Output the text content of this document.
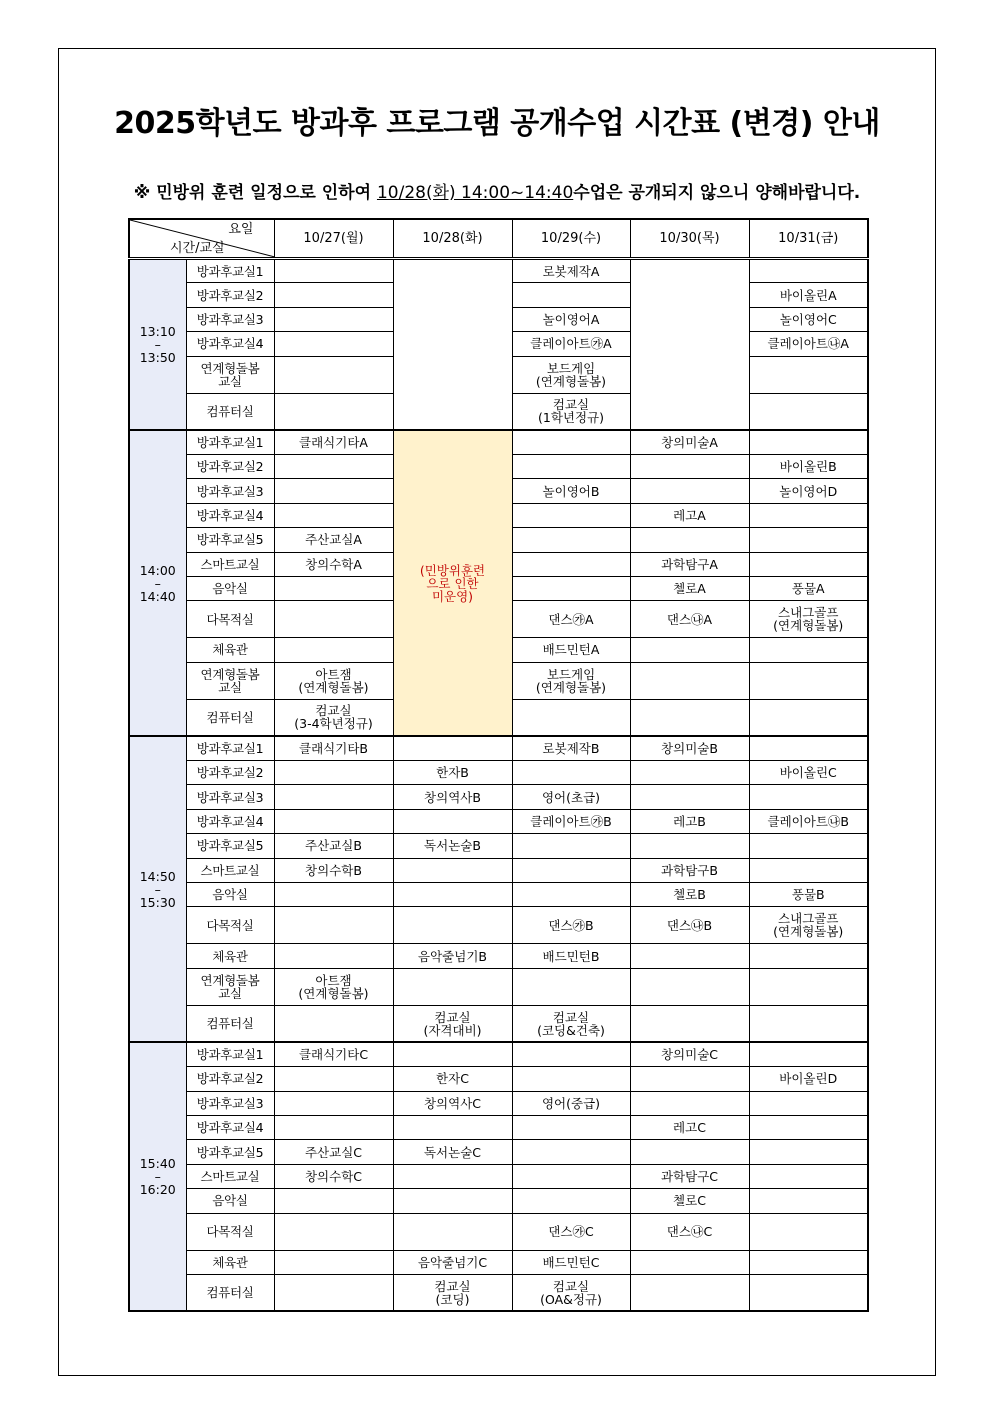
2025학년도 방과후 프로그램 공개수업 시간표 (변경) 안내

※ 민방위 훈련 일정으로 인하여 10/28(화) 14:00~14:40수업은 공개되지 않으니 양해바랍니다.

요일
시간/교실		10/27(월)	10/28(화)	10/29(수)	10/30(목)	10/31(금)
13:10
–
13:50	방과후교실1			로봇제작A		
	방과후교실2					바이올린A
	방과후교실3			놀이영어A		놀이영어C
	방과후교실4			클레이아트㉮A		클레이아트㉯A
	연계형돌봄
교실			보드게임
(연계형돌봄)		
	컴퓨터실			컴교실
(1학년정규)		
14:00
–
14:40	방과후교실1	클래식기타A	(민방위훈련
으로 인한
미운영)		창의미술A	
	방과후교실2					바이올린B
	방과후교실3			놀이영어B		놀이영어D
	방과후교실4				레고A	
	방과후교실5	주산교실A				
	스마트교실	창의수학A			과학탐구A	
	음악실				첼로A	풍물A
	다목적실			댄스㉮A	댄스㉯A	스내그골프
(연계형돌봄)
	체육관			배드민턴A		
	연계형돌봄
교실	아트잼
(연계형돌봄)		보드게임
(연계형돌봄)		
	컴퓨터실	컴교실
(3-4학년정규)				
14:50
–
15:30	방과후교실1	클래식기타B		로봇제작B	창의미술B	
	방과후교실2		한자B			바이올린C
	방과후교실3		창의역사B	영어(초급)		
	방과후교실4			클레이아트㉮B	레고B	클레이아트㉯B
	방과후교실5	주산교실B	독서논술B			
	스마트교실	창의수학B			과학탐구B	
	음악실				첼로B	풍물B
	다목적실			댄스㉮B	댄스㉯B	스내그골프
(연계형돌봄)
	체육관		음악줄넘기B	배드민턴B		
	연계형돌봄
교실	아트잼
(연계형돌봄)				
	컴퓨터실		컴교실
(자격대비)	컴교실
(코딩&건축)		
15:40
–
16:20	방과후교실1	클래식기타C			창의미술C	
	방과후교실2		한자C			바이올린D
	방과후교실3		창의역사C	영어(중급)		
	방과후교실4				레고C	
	방과후교실5	주산교실C	독서논술C			
	스마트교실	창의수학C			과학탐구C	
	음악실				첼로C	
	다목적실			댄스㉮C	댄스㉯C	
	체육관		음악줄넘기C	배드민턴C		
	컴퓨터실		컴교실
(코딩)	컴교실
(OA&정규)		
